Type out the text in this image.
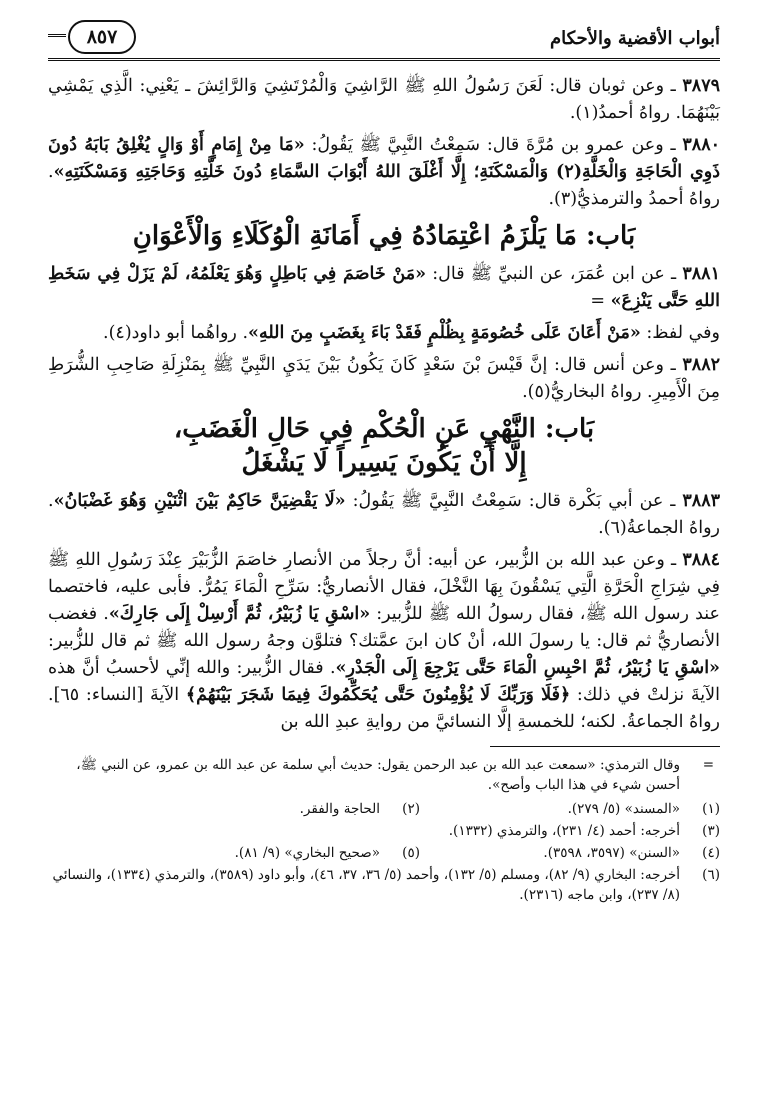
أبواب الأقضية والأحكام
٨٥٧

٣٨٧٩ ـ وعن ثوبان قال: لَعَنَ رَسُولُ اللهِ ﷺ الرَّاشِيَ وَالْمُرْتَشِيَ وَالرَّائِشَ ـ يَعْنِي: الَّذِي يَمْشِي بَيْنَهُمَا. رواهُ أحمدُ(١).

٣٨٨٠ ـ وعن عمرو بن مُرَّةَ قال: سَمِعْتُ النَّبِيَّ ﷺ يَقُولُ: «مَا مِنْ إِمَامٍ أَوْ وَالٍ يُغْلِقُ بَابَهُ دُونَ ذَوِي الْحَاجَةِ وَالْخَلَّةِ(٢) وَالْمَسْكَنَةِ؛ إِلَّا أَغْلَقَ اللهُ أَبْوَابَ السَّمَاءِ دُونَ خَلَّتِهِ وَحَاجَتِهِ وَمَسْكَنَتِهِ». رواهُ أحمدُ والترمذيُّ(٣).

بَاب: مَا يَلْزَمُ اعْتِمَادُهُ فِي أَمَانَةِ الْوُكَلَاءِ وَالْأَعْوَانِ

٣٨٨١ ـ عن ابن عُمَرَ، عن النبيِّ ﷺ قال: «مَنْ خَاصَمَ فِي بَاطِلٍ وَهُوَ يَعْلَمُهُ، لَمْ يَزَلْ فِي سَخَطِ اللهِ حَتَّى يَنْزِعَ» =

وفي لفظ: «مَنْ أَعَانَ عَلَى خُصُومَةٍ بِظُلْمٍ فَقَدْ بَاءَ بِغَضَبٍ مِنَ اللهِ». رواهُما أبو داود(٤).

٣٨٨٢ ـ وعن أنس قال: إنَّ قَيْسَ بْنَ سَعْدٍ كَانَ يَكُونُ بَيْنَ يَدَيِ النَّبِيِّ ﷺ بِمَنْزِلَةِ صَاحِبِ الشُّرَطِ مِنَ الْأَمِيرِ. رواهُ البخاريُّ(٥).

بَاب: النَّهْيِ عَنِ الْحُكْمِ فِي حَالِ الْغَضَبِ،
إِلَّا أَنْ يَكُونَ يَسِيراً لَا يَشْغَلُ

٣٨٨٣ ـ عن أبي بَكْرة قال: سَمِعْتُ النَّبِيَّ ﷺ يَقُولُ: «لَا يَقْضِيَنَّ حَاكِمٌ بَيْنَ اثْنَيْنِ وَهُوَ غَضْبَانُ». رواهُ الجماعةُ(٦).

٣٨٨٤ ـ وعن عبد الله بن الزُّبير، عن أبيه: أنَّ رجلاً من الأنصارِ خاصَمَ الزُّبَيْرَ عِنْدَ رَسُولِ اللهِ ﷺ فِي شِرَاجِ الْحَرَّةِ الَّتِي يَسْقُونَ بِهَا النَّخْلَ، فقال الأنصاريُّ: سَرِّحِ الْمَاءَ يَمُرُّ. فأبى عليه، فاختصما عند رسول الله ﷺ، فقال رسولُ الله ﷺ للزُّبير: «اسْقِ يَا زُبَيْرُ، ثُمَّ أَرْسِلْ إِلَى جَارِكَ». فغضب الأنصاريُّ ثم قال: يا رسولَ الله، أنْ كان ابنَ عمَّتك؟ فتلوَّن وجهُ رسول الله ﷺ ثم قال للزُّبير: «اسْقِ يَا زُبَيْرُ، ثُمَّ احْبِسِ الْمَاءَ حَتَّى يَرْجِعَ إِلَى الْجَدْرِ». فقال الزُّبير: والله إنِّي لأحسبُ أنَّ هذه الآيةَ نزلتْ في ذلك: ﴿فَلَا وَرَبِّكَ لَا يُؤْمِنُونَ حَتَّى يُحَكِّمُوكَ فِيمَا شَجَرَ بَيْنَهُمْ﴾ الآيةَ [النساء: ٦٥]. رواهُ الجماعةُ. لكنه؛ للخمسةِ إلَّا النسائيَّ من روايةِ عبدِ الله بن

=
وقال الترمذي: «سمعت عبد الله بن عبد الرحمن يقول: حديث أبي سلمة عن عبد الله بن عمرو، عن النبي ﷺ، أحسن شيء في هذا الباب وأصح».

(١)
«المسند» (٥/ ٢٧٩).
(٢)
الحاجة والفقر.
(٣)
أخرجه: أحمد (٤/ ٢٣١)، والترمذي (١٣٣٢).
(٤)
«السنن» (٣٥٩٧، ٣٥٩٨).
(٥)
«صحيح البخاري» (٩/ ٨١).
(٦)
أخرجه: البخاري (٩/ ٨٢)، ومسلم (٥/ ١٣٢)، وأحمد (٥/ ٣٦، ٣٧، ٤٦)، وأبو داود (٣٥٨٩)، والترمذي (١٣٣٤)، والنسائي (٨/ ٢٣٧)، وابن ماجه (٢٣١٦).
